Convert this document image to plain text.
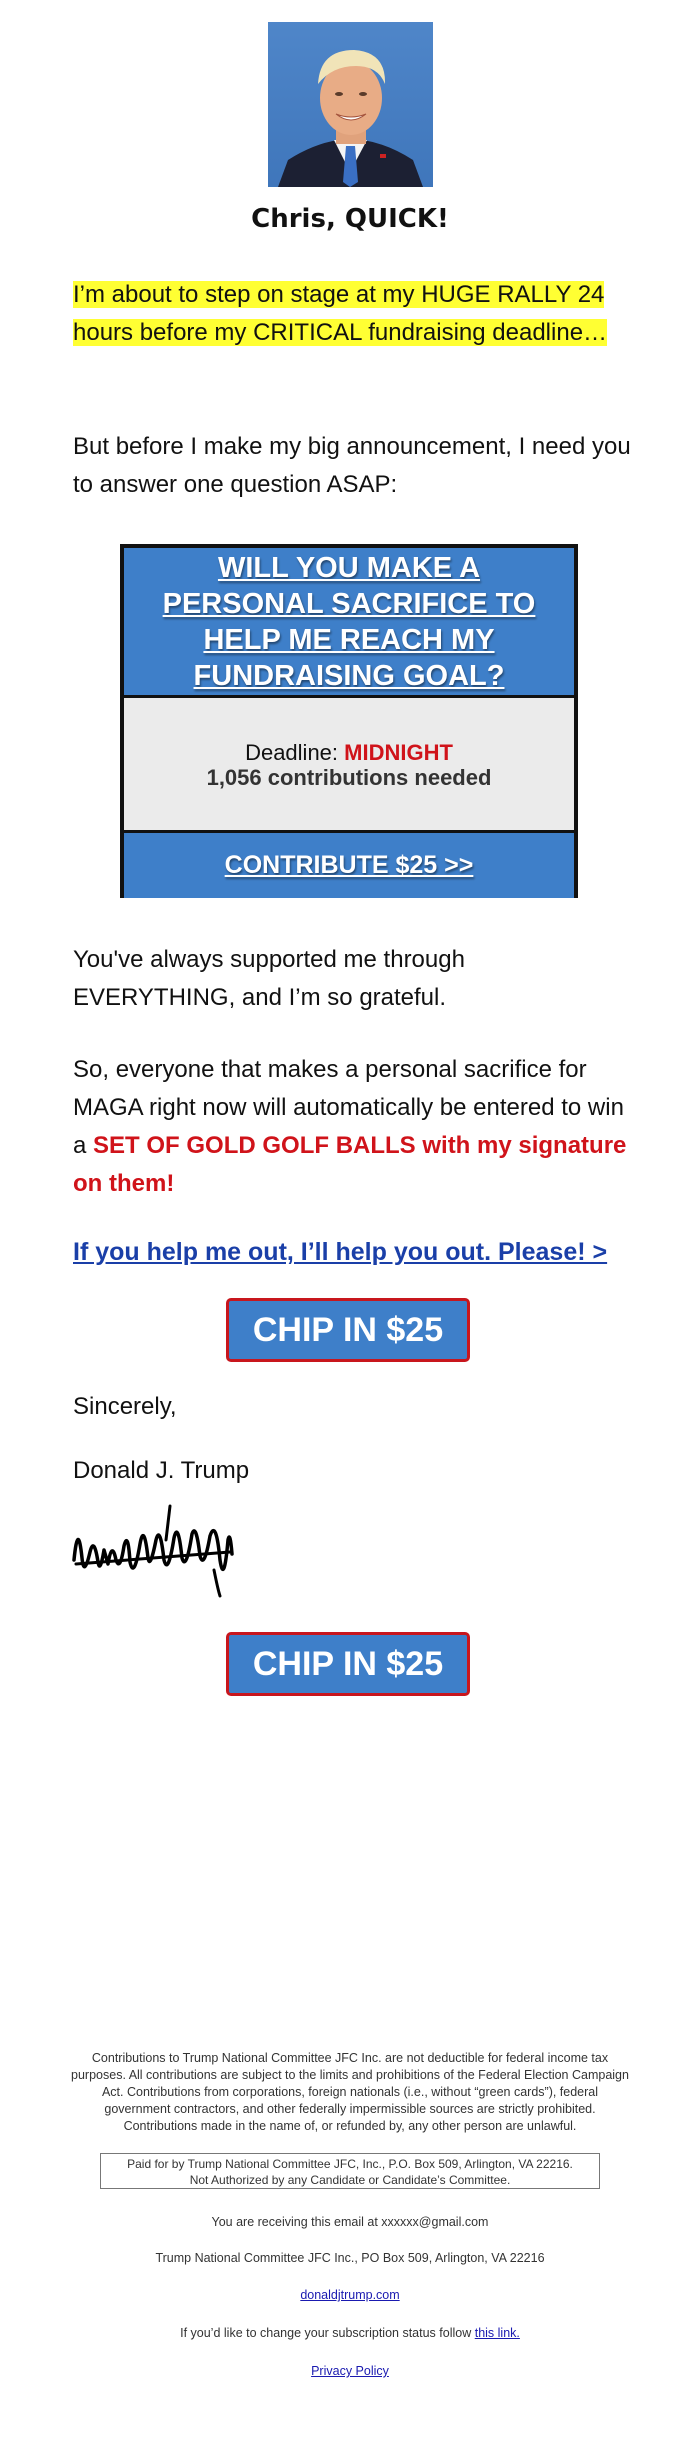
Chris, QUICK!
I’m about to step on stage at my HUGE RALLY 24 hours before my CRITICAL fundraising deadline…
But before I make my big announcement, I need you to answer one question ASAP:
WILL YOU MAKE A
PERSONAL SACRIFICE TO
HELP ME REACH MY
FUNDRAISING GOAL?
Deadline: MIDNIGHT
1,056 contributions needed
CONTRIBUTE $25 >>
You've always supported me through EVERYTHING, and I’m so grateful.
So, everyone that makes a personal sacrifice for MAGA right now will automatically be entered to win a SET OF GOLD GOLF BALLS with my signature on them!
If you help me out, I’ll help you out. Please! >
CHIP IN $25
Sincerely,
Donald J. Trump
CHIP IN $25
Contributions to Trump National Committee JFC Inc. are not deductible for federal income tax purposes. All contributions are subject to the limits and prohibitions of the Federal Election Campaign Act. Contributions from corporations, foreign nationals (i.e., without “green cards”), federal government contractors, and other federally impermissible sources are strictly prohibited. Contributions made in the name of, or refunded by, any other person are unlawful.
Paid for by Trump National Committee JFC, Inc., P.O. Box 509, Arlington, VA 22216.
Not Authorized by any Candidate or Candidate’s Committee.
You are receiving this email at xxxxxx@gmail.com
Trump National Committee JFC Inc., PO Box 509, Arlington, VA 22216
donaldjtrump.com
If you’d like to change your subscription status follow this link.
Privacy Policy
